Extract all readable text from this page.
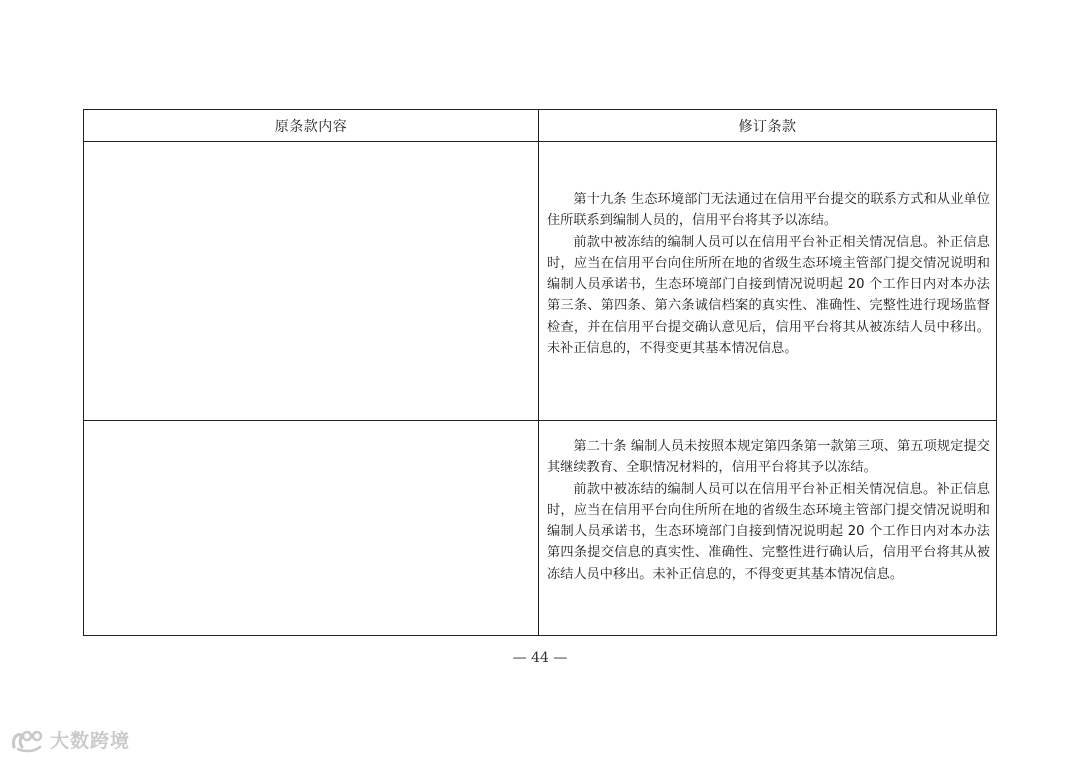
原条款内容	修订条款

	第十九条 生态环境部门无法通过在信用平台提交的联系方式和从业单位住所联系到编制人员的，信用平台将其予以冻结。

前款中被冻结的编制人员可以在信用平台补正相关情况信息。补正信息时，应当在信用平台向住所所在地的省级生态环境主管部门提交情况说明和编制人员承诺书，生态环境部门自接到情况说明起 20 个工作日内对本办法第三条、第四条、第六条诚信档案的真实性、准确性、完整性进行现场监督检查，并在信用平台提交确认意见后，信用平台将其从被冻结人员中移出。未补正信息的，不得变更其基本情况信息。

	第二十条 编制人员未按照本规定第四条第一款第三项、第五项规定提交其继续教育、全职情况材料的，信用平台将其予以冻结。

前款中被冻结的编制人员可以在信用平台补正相关情况信息。补正信息时，应当在信用平台向住所所在地的省级生态环境主管部门提交情况说明和编制人员承诺书，生态环境部门自接到情况说明起 20 个工作日内对本办法第四条提交信息的真实性、准确性、完整性进行确认后，信用平台将其从被冻结人员中移出。未补正信息的，不得变更其基本情况信息。

— 44 —
大数跨境
